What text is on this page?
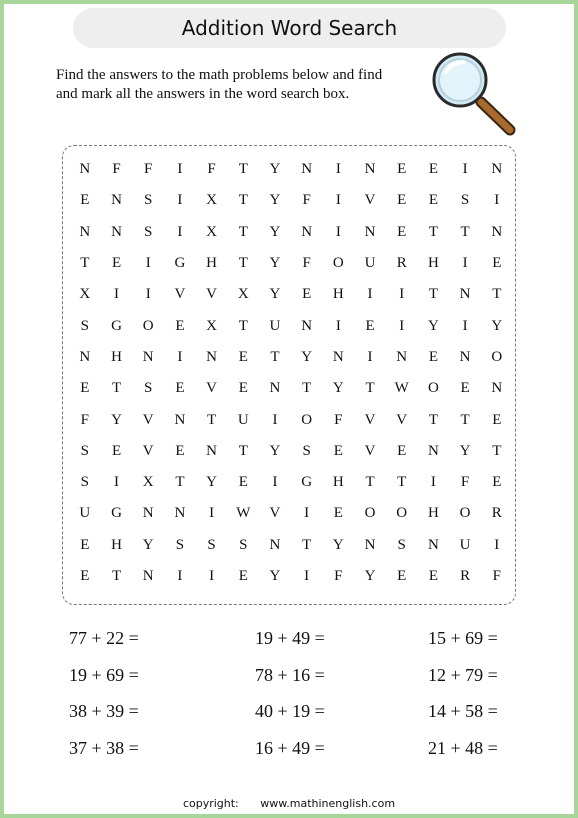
Addition Word Search
Find the answers to the math problems below and find
and mark all the answers in the word search box.
N	F	F	I	F	T	Y	N	I	N	E	E	I	N
E	N	S	I	X	T	Y	F	I	V	E	E	S	I
N	N	S	I	X	T	Y	N	I	N	E	T	T	N
T	E	I	G	H	T	Y	F	O	U	R	H	I	E
X	I	I	V	V	X	Y	E	H	I	I	T	N	T
S	G	O	E	X	T	U	N	I	E	I	Y	I	Y
N	H	N	I	N	E	T	Y	N	I	N	E	N	O
E	T	S	E	V	E	N	T	Y	T	W	O	E	N
F	Y	V	N	T	U	I	O	F	V	V	T	T	E
S	E	V	E	N	T	Y	S	E	V	E	N	Y	T
S	I	X	T	Y	E	I	G	H	T	T	I	F	E
U	G	N	N	I	W	V	I	E	O	O	H	O	R
E	H	Y	S	S	S	N	T	Y	N	S	N	U	I
E	T	N	I	I	E	Y	I	F	Y	E	E	R	F
77 + 22 =	19 + 49 =	15 + 69 =
19 + 69 =	78 + 16 =	12 + 79 =
38 + 39 =	40 + 19 =	14 + 58 =
37 + 38 =	16 + 49 =	21 + 48 =
copyright: www.mathinenglish.com
